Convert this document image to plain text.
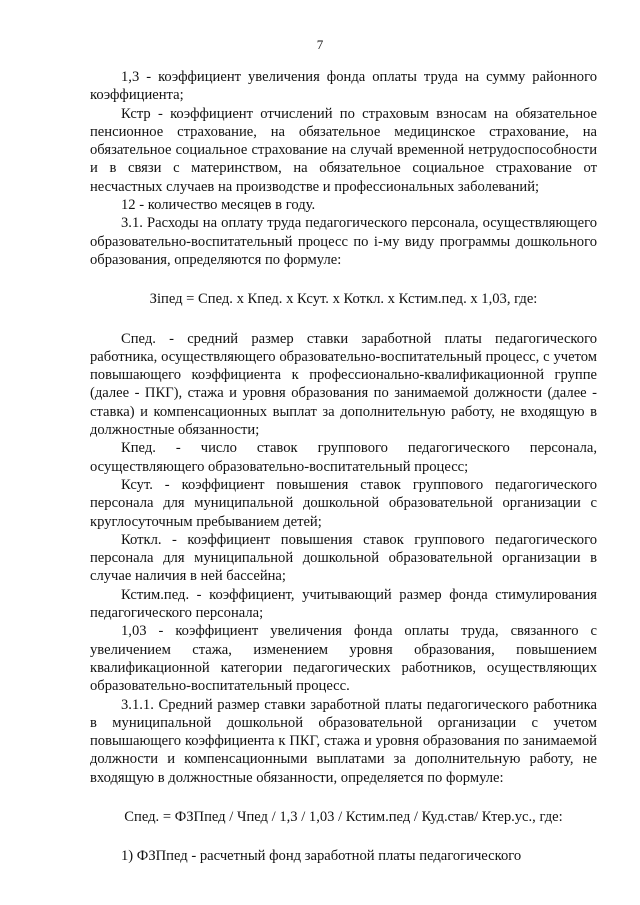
7

1,3 - коэффициент увеличения фонда оплаты труда на сумму районного коэффициента;

Кстр - коэффициент отчислений по страховым взносам на обязательное пенсионное страхование, на обязательное медицинское страхование, на обязательное социальное страхование на случай временной нетрудоспособности и в связи с материнством, на обязательное социальное страхование от несчастных случаев на производстве и профессиональных заболеваний;

12 - количество месяцев в году.

3.1. Расходы на оплату труда педагогического персонала, осуществляющего образовательно-воспитательный процесс по i-му виду программы дошкольного образования, определяются по формуле:

Зiпед = Спед. х Кпед. х Ксут. х Коткл. х Кстим.пед. х 1,03, где:

Спед. - средний размер ставки заработной платы педагогического работника, осуществляющего образовательно-воспитательный процесс, с учетом повышающего коэффициента к профессионально-квалификационной группе (далее - ПКГ), стажа и уровня образования по занимаемой должности (далее - ставка) и компенсационных выплат за дополнительную работу, не входящую в должностные обязанности;

Кпед. - число ставок группового педагогического персонала, осуществляющего образовательно-воспитательный процесс;

Ксут. - коэффициент повышения ставок группового педагогического персонала для муниципальной дошкольной образовательной организации с круглосуточным пребыванием детей;

Коткл. - коэффициент повышения ставок группового педагогического персонала для муниципальной дошкольной образовательной организации в случае наличия в ней бассейна;

Кстим.пед. - коэффициент, учитывающий размер фонда стимулирования педагогического персонала;

1,03 - коэффициент увеличения фонда оплаты труда, связанного с увеличением стажа, изменением уровня образования, повышением квалификационной категории педагогических работников, осуществляющих образовательно-воспитательный процесс.

3.1.1. Средний размер ставки заработной платы педагогического работника в муниципальной дошкольной образовательной организации с учетом повышающего коэффициента к ПКГ, стажа и уровня образования по занимаемой должности и компенсационными выплатами за дополнительную работу, не входящую в должностные обязанности, определяется по формуле:

Спед. = ФЗПпед / Чпед / 1,3 / 1,03 / Кстим.пед / Куд.став/ Ктер.ус., где:

1) ФЗПпед - расчетный фонд заработной платы педагогического
